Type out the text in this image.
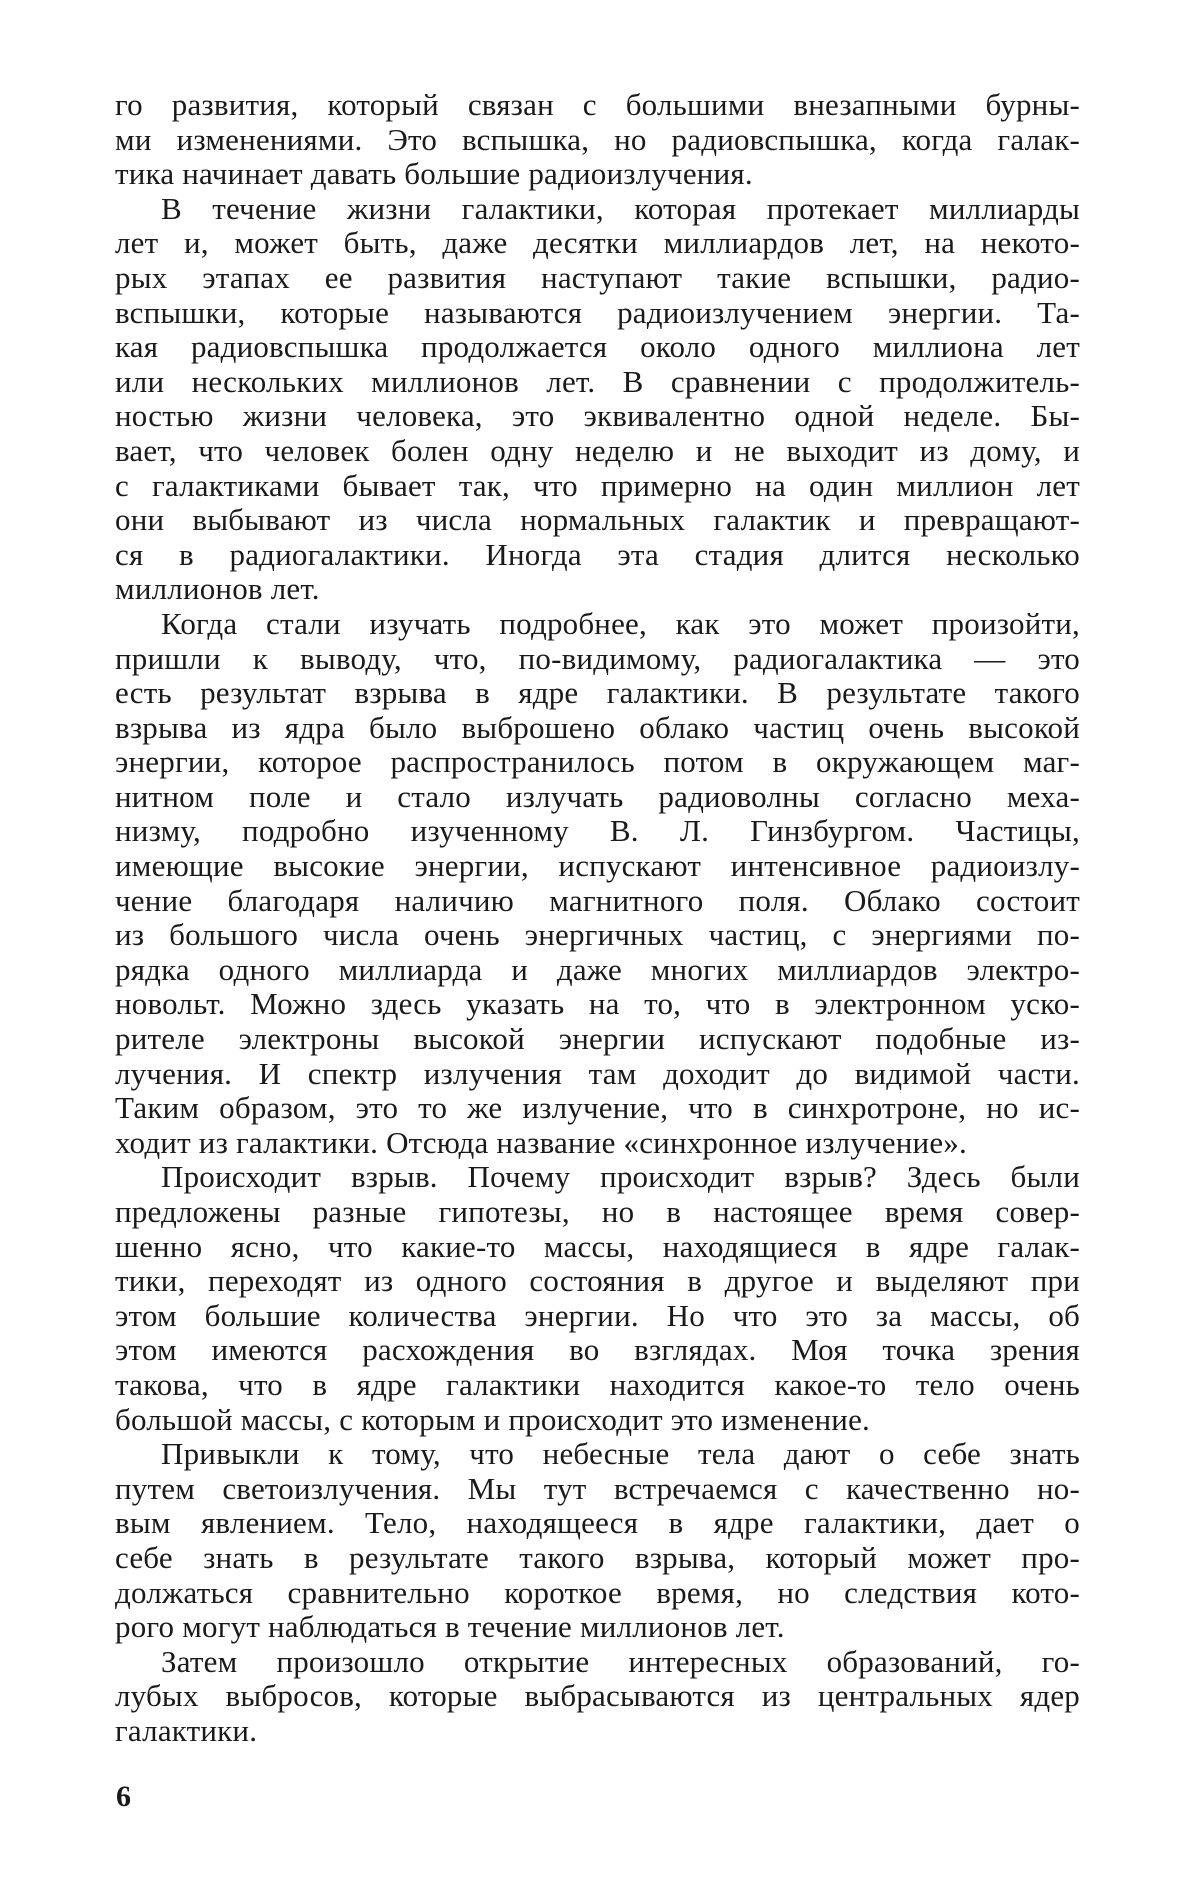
го развития, который связан с большими внезапными бурны-
ми изменениями. Это вспышка, но радиовспышка, когда галак-
тика начинает давать большие радиоизлучения.
В течение жизни галактики, которая протекает миллиарды
лет и, может быть, даже десятки миллиардов лет, на некото-
рых этапах ее развития наступают такие вспышки, радио-
вспышки, которые называются радиоизлучением энергии. Та-
кая радиовспышка продолжается около одного миллиона лет
или нескольких миллионов лет. В сравнении с продолжитель-
ностью жизни человека, это эквивалентно одной неделе. Бы-
вает, что человек болен одну неделю и не выходит из дому, и
с галактиками бывает так, что примерно на один миллион лет
они выбывают из числа нормальных галактик и превращают-
ся в радиогалактики. Иногда эта стадия длится несколько
миллионов лет.
Когда стали изучать подробнее, как это может произойти,
пришли к выводу, что, по-видимому, радиогалактика — это
есть результат взрыва в ядре галактики. В результате такого
взрыва из ядра было выброшено облако частиц очень высокой
энергии, которое распространилось потом в окружающем маг-
нитном поле и стало излучать радиоволны согласно меха-
низму, подробно изученному В. Л. Гинзбургом. Частицы,
имеющие высокие энергии, испускают интенсивное радиоизлу-
чение благодаря наличию магнитного поля. Облако состоит
из большого числа очень энергичных частиц, с энергиями по-
рядка одного миллиарда и даже многих миллиардов электро-
новольт. Можно здесь указать на то, что в электронном уско-
рителе электроны высокой энергии испускают подобные из-
лучения. И спектр излучения там доходит до видимой части.
Таким образом, это то же излучение, что в синхротроне, но ис-
ходит из галактики. Отсюда название «синхронное излучение».
Происходит взрыв. Почему происходит взрыв? Здесь были
предложены разные гипотезы, но в настоящее время совер-
шенно ясно, что какие-то массы, находящиеся в ядре галак-
тики, переходят из одного состояния в другое и выделяют при
этом большие количества энергии. Но что это за массы, об
этом имеются расхождения во взглядах. Моя точка зрения
такова, что в ядре галактики находится какое-то тело очень
большой массы, с которым и происходит это изменение.
Привыкли к тому, что небесные тела дают о себе знать
путем светоизлучения. Мы тут встречаемся с качественно но-
вым явлением. Тело, находящееся в ядре галактики, дает о
себе знать в результате такого взрыва, который может про-
должаться сравнительно короткое время, но следствия кото-
рого могут наблюдаться в течение миллионов лет.
Затем произошло открытие интересных образований, го-
лубых выбросов, которые выбрасываются из центральных ядер
галактики.
6
